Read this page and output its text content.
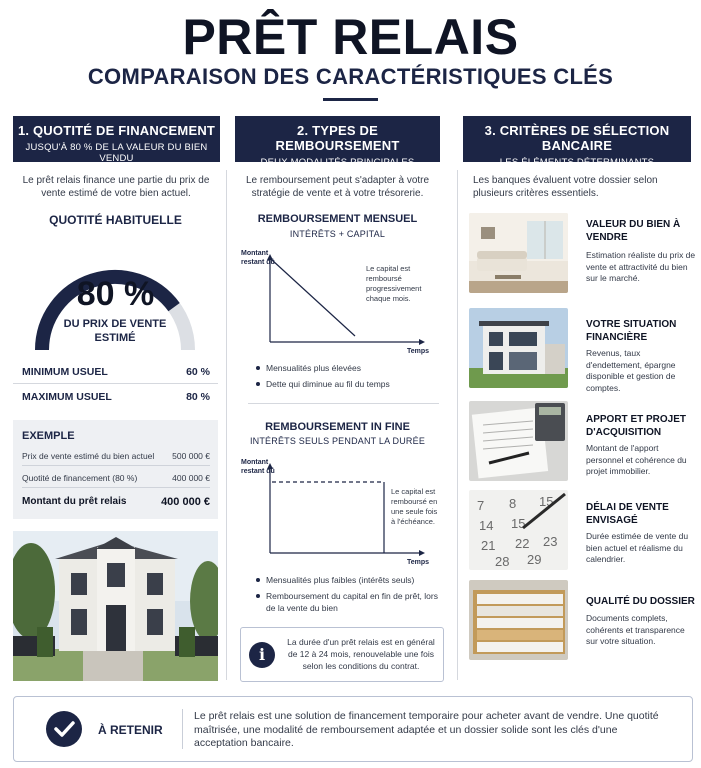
PRÊT RELAIS
COMPARAISON DES CARACTÉRISTIQUES CLÉS
1. QUOTITÉ DE FINANCEMENT
JUSQU'À 80 % DE LA VALEUR DU BIEN VENDU
Le prêt relais finance une partie du prix de vente estimé de votre bien actuel.
QUOTITÉ HABITUELLE
80 %
DU PRIX DE VENTE ESTIMÉ
MINIMUM USUEL	60 %
MAXIMUM USUEL	80 %
EXEMPLE
Prix de vente estimé du bien actuel 500 000 €
Quotité de financement (80 %)	400 000 €
Montant du prêt relais	400 000 €
2. TYPES DE REMBOURSEMENT
DEUX MODALITÉS PRINCIPALES
Le remboursement peut s'adapter à votre stratégie de vente et à votre trésorerie.
REMBOURSEMENT MENSUEL
INTÉRÊTS + CAPITAL
Montant
restant dû
Temps
Le capital est
remboursé
progressivement
chaque mois.
Mensualités plus élevées
Dette qui diminue au fil du temps
REMBOURSEMENT IN FINE
INTÉRÊTS SEULS PENDANT LA DURÉE
Montant
restant dû
Temps
Le capital est
remboursé en
une seule fois
à l'échéance.
Mensualités plus faibles (intérêts seuls)
Remboursement du capital en fin de prêt, lors de la vente du bien
i
La durée d'un prêt relais est en général de 12 à 24 mois, renouvelable une fois selon les conditions du contrat.
3. CRITÈRES DE SÉLECTION BANCAIRE
LES ÉLÉMENTS DÉTERMINANTS
Les banques évaluent votre dossier selon plusieurs critères essentiels.
VALEUR DU BIEN À VENDRE
Estimation réaliste du prix de vente et attractivité du bien sur le marché.
VOTRE SITUATION FINANCIÈRE
Revenus, taux d'endettement, épargne disponible et gestion de comptes.
APPORT ET PROJET D'ACQUISITION
Montant de l'apport personnel et cohérence du projet immobilier.
7 8 15
14 15
21 22 23
28 29
DÉLAI DE VENTE ENVISAGÉ
Durée estimée de vente du bien actuel et réalisme du calendrier.
QUALITÉ DU DOSSIER
Documents complets, cohérents et transparence sur votre situation.
À RETENIR
Le prêt relais est une solution de financement temporaire pour acheter avant de vendre. Une quotité maîtrisée, une modalité de remboursement adaptée et un dossier solide sont les clés d'une acceptation bancaire.
